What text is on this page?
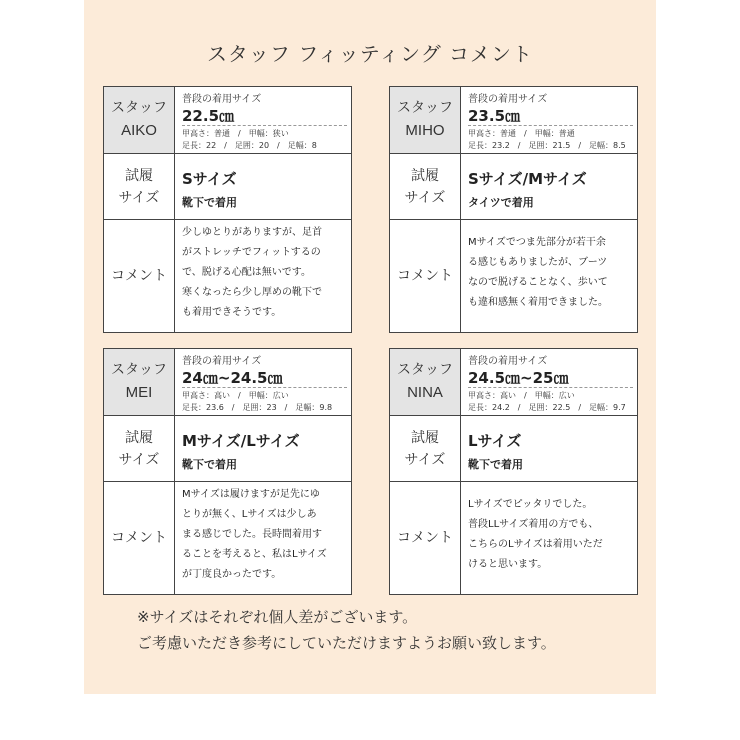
スタッフ フィッティング コメント
スタッフ
AIKO
普段の着用サイズ
22.5㎝
甲高さ：普通　/　甲幅：狭い
足長：22　/　足囲：20　/　足幅：8
試履
サイズ
Sサイズ
靴下で着用
コメント
少しゆとりがありますが、足首
がストレッチでフィットするの
で、脱げる心配は無いです。
寒くなったら少し厚めの靴下で
も着用できそうです。
スタッフ
MIHO
普段の着用サイズ
23.5㎝
甲高さ：普通　/　甲幅：普通
足長：23.2　/　足囲：21.5　/　足幅：8.5
試履
サイズ
Sサイズ/Mサイズ
タイツで着用
コメント
Mサイズでつま先部分が若干余
る感じもありましたが、ブーツ
なので脱げることなく、歩いて
も違和感無く着用できました。
スタッフ
MEI
普段の着用サイズ
24㎝~24.5㎝
甲高さ：高い　/　甲幅：広い
足長：23.6　/　足囲：23　/　足幅：9.8
試履
サイズ
Mサイズ/Lサイズ
靴下で着用
コメント
Mサイズは履けますが足先にゆ
とりが無く、Lサイズは少しあ
まる感じでした。長時間着用す
ることを考えると、私はLサイズ
が丁度良かったです。
スタッフ
NINA
普段の着用サイズ
24.5㎝~25㎝
甲高さ：高い　/　甲幅：広い
足長：24.2　/　足囲：22.5　/　足幅：9.7
試履
サイズ
Lサイズ
靴下で着用
コメント
Lサイズでピッタリでした。
普段LLサイズ着用の方でも、
こちらのLサイズは着用いただ
けると思います。
※サイズはそれぞれ個人差がございます。
ご考慮いただき参考にしていただけますようお願い致します。
